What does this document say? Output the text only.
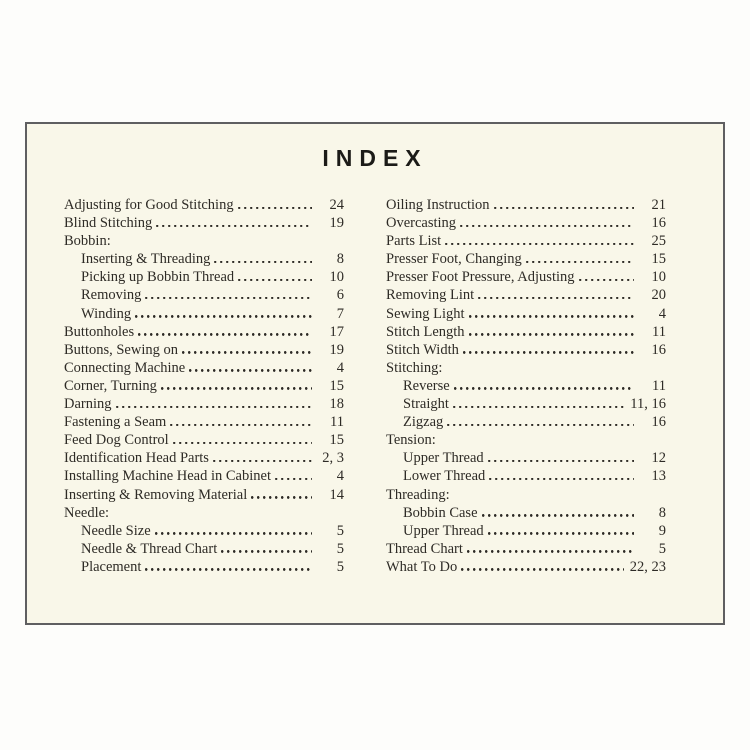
INDEX
Adjusting for Good Stitching	24
Blind Stitching	19
Bobbin:
Inserting & Threading	8
Picking up Bobbin Thread	10
Removing	6
Winding	7
Buttonholes	17
Buttons, Sewing on	19
Connecting Machine	4
Corner, Turning	15
Darning	18
Fastening a Seam	11
Feed Dog Control	15
Identification Head Parts	2, 3
Installing Machine Head in Cabinet	4
Inserting & Removing Material	14
Needle:
Needle Size	5
Needle & Thread Chart	5
Placement	5
Oiling Instruction	21
Overcasting	16
Parts List	25
Presser Foot, Changing	15
Presser Foot Pressure, Adjusting	10
Removing Lint	20
Sewing Light	4
Stitch Length	11
Stitch Width	16
Stitching:
Reverse	11
Straight	11, 16
Zigzag	16
Tension:
Upper Thread	12
Lower Thread	13
Threading:
Bobbin Case	8
Upper Thread	9
Thread Chart	5
What To Do	22, 23
